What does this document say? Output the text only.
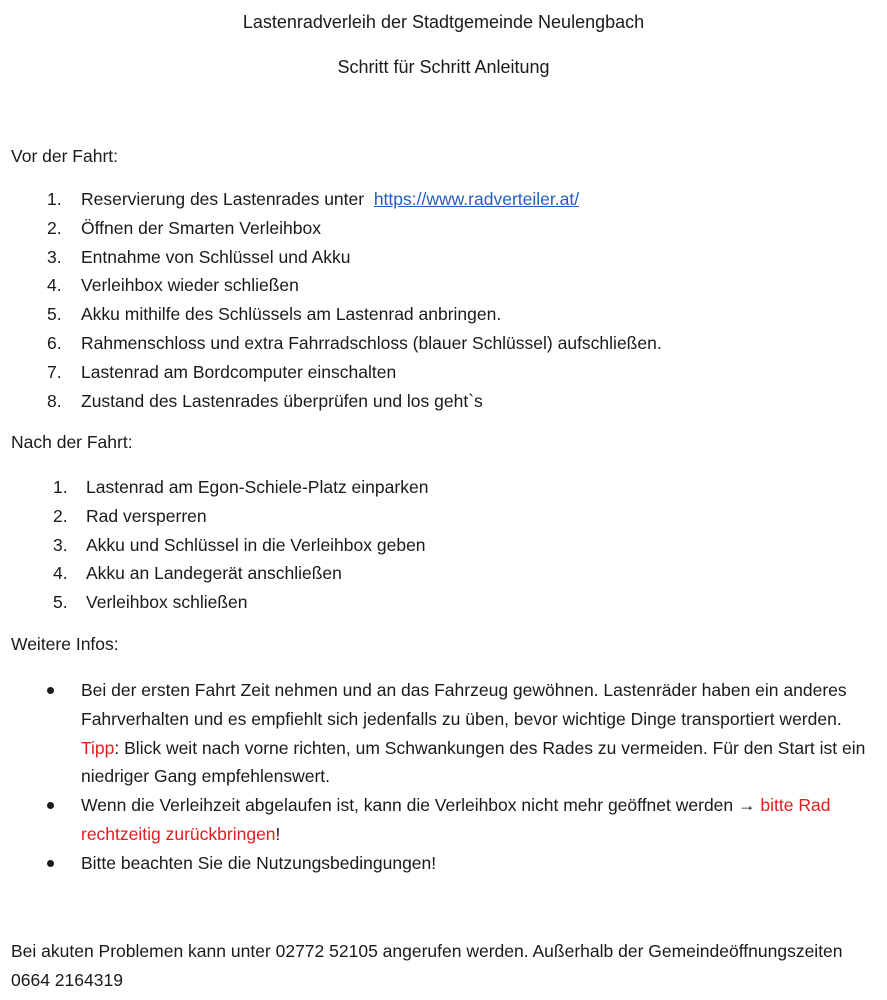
Lastenradverleih der Stadtgemeinde Neulengbach
Schritt für Schritt Anleitung
Vor der Fahrt:
1.	Reservierung des Lastenrades unter https://www.radverteiler.at/
2.	Öffnen der Smarten Verleihbox
3.	Entnahme von Schlüssel und Akku
4.	Verleihbox wieder schließen
5.	Akku mithilfe des Schlüssels am Lastenrad anbringen.
6.	Rahmenschloss und extra Fahrradschloss (blauer Schlüssel) aufschließen.
7.	Lastenrad am Bordcomputer einschalten
8.	Zustand des Lastenrades überprüfen und los geht`s
Nach der Fahrt:
1.	Lastenrad am Egon-Schiele-Platz einparken
2.	Rad versperren
3.	Akku und Schlüssel in die Verleihbox geben
4.	Akku an Landegerät anschließen
5.	Verleihbox schließen
Weitere Infos:
Bei der ersten Fahrt Zeit nehmen und an das Fahrzeug gewöhnen. Lastenräder haben ein anderes Fahrverhalten und es empfiehlt sich jedenfalls zu üben, bevor wichtige Dinge transportiert werden. Tipp: Blick weit nach vorne richten, um Schwankungen des Rades zu vermeiden. Für den Start ist ein niedriger Gang empfehlenswert.
Wenn die Verleihzeit abgelaufen ist, kann die Verleihbox nicht mehr geöffnet werden → bitte Rad rechtzeitig zurückbringen!
Bitte beachten Sie die Nutzungsbedingungen!

Bei akuten Problemen kann unter 02772 52105 angerufen werden. Außerhalb der Gemeindeöffnungszeiten 0664 2164319
